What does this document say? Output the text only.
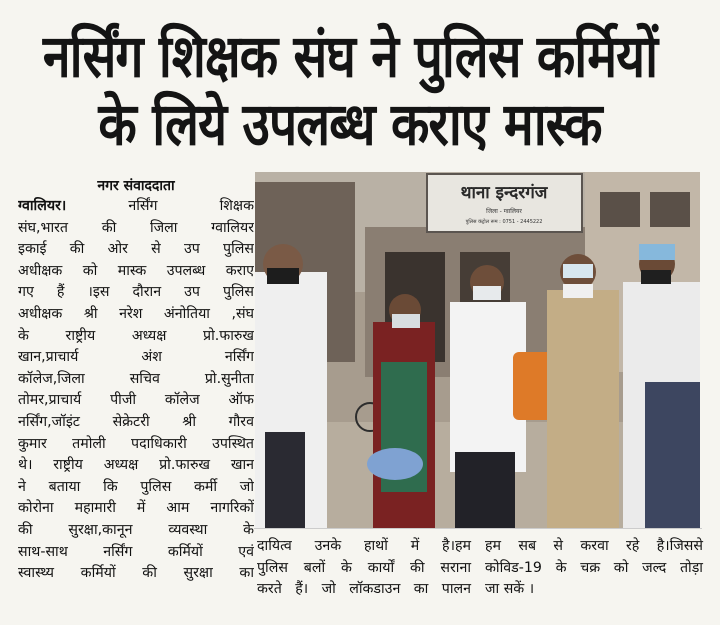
नर्सिंग शिक्षक संघ ने पुलिस कर्मियों
के लिये उपलब्ध कराए मास्क
नगर संवाददाता
ग्वालियर।	नर्सिंग शिक्षक
संघ,भारत की जिला ग्वालियर
इकाई की ओर से उप पुलिस
अधीक्षक को मास्क उपलब्ध कराए
गए हैं ।इस दौरान उप पुलिस
अधीक्षक श्री नरेश अंनोतिया ,संघ
के राष्ट्रीय अध्यक्ष प्रो.फारुख
खान,प्राचार्य अंश नर्सिंग
कॉलेज,जिला सचिव प्रो.सुनीता
तोमर,प्राचार्य पीजी कॉलेज ऑफ
नर्सिंग,जॉइंट सेक्रेटरी श्री गौरव
कुमार तमोली पदाधिकारी उपस्थित
थे। राष्ट्रीय अध्यक्ष प्रो.फारुख खान
ने बताया कि पुलिस कर्मी जो
कोरोना महामारी में आम नागरिकों
की सुरक्षा,कानून व्यवस्था के
साथ-साथ नर्सिंग कर्मियों एवं
स्वास्थ्य कर्मियों की सुरक्षा का
थाना इन्दरगंज
जिला - ग्वालियर
पुलिस कंट्रोल रूम : 0751 - 2445222
दायित्व उनके हाथों में है।हम
पुलिस बलों के कार्यों की सराना
करते हैं। जो लॉकडाउन का पालन
हम सब से करवा रहे है।जिससे
कोविड-19 के चक्र को जल्द तोड़ा
जा सकें ।
